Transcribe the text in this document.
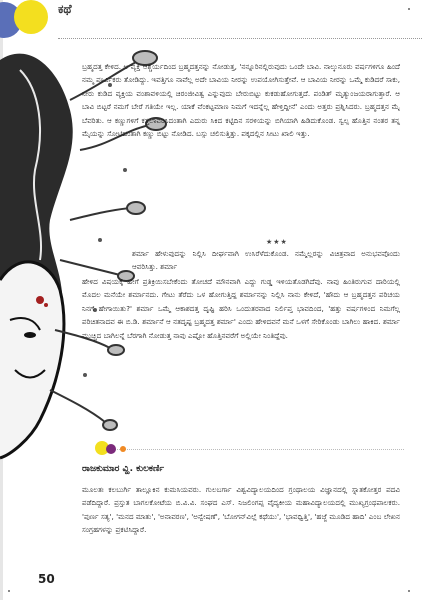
ಕಥೆ
ಬ್ರಹ್ಮದತ್ತ ಕೇಳಿದ. ಆ ವ್ಯಕ್ತಿ ಆಶ್ಚರ್ಯದಿಂದ ಬ್ರಹ್ಮದತ್ತನನ್ನು ನೋಡುತ್ತ, 'ನನ್ನೂರಿನಲ್ಲಿರುವುದು ಒಂದೇ ಬಾವಿ. ನಾಲ್ಕುನೂರು ವರ್ಷಗಳಿಗೂ ಹಿಂದೆ ನಮ್ಮ ಪೂರ್ವಿಕರು ತೋಡಿದ್ದು. ಇವತ್ತಿಗೂ ನಾವೆಲ್ಲ ಅದೇ ಬಾವಿಯ ನೀರನ್ನು ಉಪಯೋಗಿಸುತ್ತೇವೆ. ಆ ಬಾವಿಯ ನೀರನ್ನು ಒಮ್ಮೆ ಕುಡಿದರೆ ಸಾಕು, ನೀರು ಕುಡಿದ ವ್ಯಕ್ತಿಯ ವಂಶಾವಳಿಯಲ್ಲಿ ಚಿರಂಜೀವಿತ್ವ ಎನ್ನುವುದು ಬೇರುಬಿಟ್ಟು ಕುಕಡುಹೋಗುತ್ತದೆ. ಪಂಡಿತ್ ಮೃತ್ಯುಂಜಯರಾಗುತ್ತಾರೆ. ಆ ಬಾವಿ ಬಿಟ್ಟರೆ ನಮಗೆ ಬೇರೆ ಗತಿಯೇ ಇಲ್ಲ. ಯಾಕೆ ವೆಂಕಟ್ಟಮಾಣ ನಿಮಗೆ ಇದನ್ನೆಲ್ಲ ಹೇಳ್ತಿದ್ದೀನೆ' ಎಂದು ಅತ್ತರು ಪ್ರಶ್ನಿಸಿದರು. ಬ್ರಹ್ಮದತ್ತನ ಮೈ ಬೆವರಿತು. ಆ ಕಣ್ಣುಗಳಿಗೆ ಕತ್ತಲಾವರಿಸಿದಂತಾಗಿ ಎದುರು ಸಿಕಿದ ಕಟ್ಟಿದಿನ ಸರಳಿಯನ್ನು ಬಿಗಿಯಾಗಿ ಹಿಡಿದುಕೊಂಡ. ಸ್ವಲ್ಪ ಹೊತ್ತಿನ ನಂತರ ತನ್ನ ಮೈಯನ್ನು ಸೋಟಿದಂತಾಗಿ ಕಣ್ಣು ಬಿಟ್ಟು ನೋಡಿದ. ಬಸ್ಸು ಚಲಿಸುತ್ತಿತ್ತು. ಪಕ್ಕದಲ್ಲಿನ ಸೀಟು ಖಾಲಿ ಇತ್ತು.
★★★
ಶರ್ಮಾ ಹೇಳುವುದನ್ನು ನಿಲ್ಲಿಸಿ ದೀರ್ಘವಾಗಿ ಉಸಿರೆಳೆದುಕೊಂಡ. ನಮ್ಮೆಲ್ಲರನ್ನು ವಿಚಿತ್ರವಾದ ಅನುಭವವೊಂದು ಆವರಿಸಿತ್ತು. ಶರ್ಮಾ
ಹೇಳಿದ ವಿಷಯಕ್ಕೆ ಹೇಗೆ ಪ್ರತಿಕ್ರಿಯಿಸಬೇಕೆಂದು ತೋಚದೆ ಮೌನವಾಗಿ ಎದ್ದು ಗುಡ್ಡ ಇಳಿಯತೊಡಗಿದೆವು. ನಾವು ಹಿಂತಿರುಗುವ ದಾರಿಯಲ್ಲಿ ಮೊದಲ ಮನೆಯೇ ಶರ್ಮಾನದು. ಗೇಟು ತೆರೆದು ಒಳ ಹೋಗುತ್ತಿದ್ದ ಶರ್ಮಾನನ್ನು ನಿಲ್ಲಿಸಿ ನಾನು ಕೇಳಿದೆ, 'ಹೌದು ಆ ಬ್ರಹ್ಮದತ್ತನ ಪರಿಚಯ ನಿನಗೆ ಹೇಗಾಯಿತು?' ಶರ್ಮಾ ಒಮ್ಮೆ ಆಕಾಶದತ್ತ ದೃಷ್ಟಿ ಹರಿಸಿ ಒಂದುತರವಾದ ನಿರ್ಲಿಪ್ತ ಭಾವದಿಂದ, 'ಹತ್ತು ವರ್ಷಗಳಿಂದ ನಿಮಗೆಲ್ಲ ಪರಿಚಿತನಾದವ ಈ ಬಿ.ಡಿ. ಶರ್ಮಾನೆ ಆ ನತದೃಷ್ಟ ಬ್ರಹ್ಮದತ್ತ ಶರ್ಮಾ' ಎಂದು ಹೇಳಿದವನೆ ಮನೆ ಒಳಗೆ ಸೇರಿಕೊಂಡು ಬಾಗಿಲು ಹಾಕಿದ. ಶರ್ಮಾ ಮುಚ್ಚಿದ ಬಾಗಿಲನ್ನೆ ಬೆರಗಾಗಿ ನೋಡುತ್ತ ನಾವು ಎಷ್ಟೋ ಹೊತ್ತಿನವರೆಗೆ ಅಲ್ಲಿಯೇ ನಿಂತಿದ್ದೆವು.
ರಾಜಕುಮಾರ ವ್ಹಿ. ಕುಲಕರ್ಣಿ
ಮೂಲತಃ ಕಲಬುರ್ಗಿ ತಾಲ್ಲೂಕಿನ ಕುಮಸಿಯವರು. ಗುಲಬರ್ಗಾ ವಿಶ್ವವಿದ್ಯಾಲಯದಿಂದ ಗ್ರಂಥಾಲಯ ವಿಜ್ಞಾನದಲ್ಲಿ ಸ್ನಾತಕೋತ್ತರ ಪದವಿ ಪಡೆದಿದ್ದಾರೆ. ಪ್ರಸ್ತುತ ಬಾಗಲಕೋಟೆಯ ಬಿ.ವಿ.ವಿ. ಸಂಘದ ಎಸ್. ನಿಜಲಿಂಗಪ್ಪ ವೈದ್ಯಕೀಯ ಮಹಾವಿದ್ಯಾಲಯದಲ್ಲಿ ಮುಖ್ಯಗ್ರಂಥಪಾಲಕರು. 'ಪುರ್ಣ ಸತ್ಯ', 'ಮನದ ಮಾತು', 'ಅನಾವರಣ', 'ಅನ್ವೇಷಣೆ', 'ಬೋಗನ್‌ವಿಲ್ಲೆ ಕಥೆಯು', 'ಭಾವಧ್ವಿತ್ತಿ', 'ಹಜ್ಜೆ ಮೂಡಿದ ಹಾದಿ' ಎಂಬ ಲೇಖನ ಸಂಗ್ರಹಗಳನ್ನು ಪ್ರಕಟಿಸಿದ್ದಾರೆ.
50
